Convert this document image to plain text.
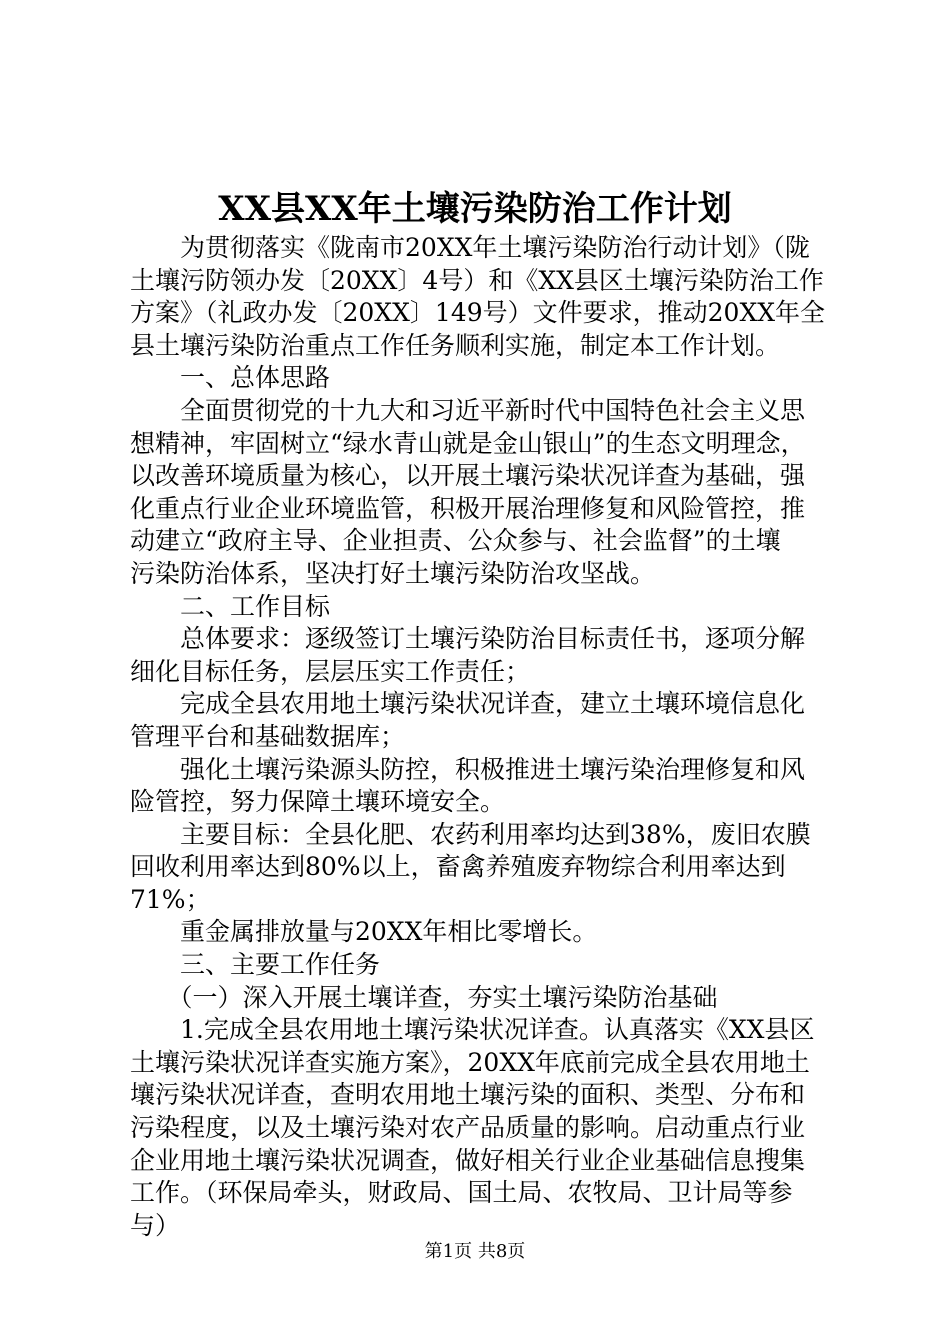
XX县XX年土壤污染防治工作计划
　　为贯彻落实《陇南市20XX年土壤污染防治行动计划》（陇
土壤污防领办发〔20XX〕4号）和《XX县区土壤污染防治工作
方案》（礼政办发〔20XX〕149号）文件要求，推动20XX年全
县土壤污染防治重点工作任务顺利实施，制定本工作计划。
　　一、总体思路
　　全面贯彻党的十九大和习近平新时代中国特色社会主义思
想精神，牢固树立“绿水青山就是金山银山”的生态文明理念，
以改善环境质量为核心，以开展土壤污染状况详查为基础，强
化重点行业企业环境监管，积极开展治理修复和风险管控，推
动建立“政府主导、企业担责、公众参与、社会监督”的土壤
污染防治体系，坚决打好土壤污染防治攻坚战。
　　二、工作目标
　　总体要求：逐级签订土壤污染防治目标责任书，逐项分解
细化目标任务，层层压实工作责任；
　　完成全县农用地土壤污染状况详查，建立土壤环境信息化
管理平台和基础数据库；
　　强化土壤污染源头防控，积极推进土壤污染治理修复和风
险管控，努力保障土壤环境安全。
　　主要目标：全县化肥、农药利用率均达到38%，废旧农膜
回收利用率达到80%以上，畜禽养殖废弃物综合利用率达到
71%；
　　重金属排放量与20XX年相比零增长。
　　三、主要工作任务
　　（一）深入开展土壤详查，夯实土壤污染防治基础
　　1.完成全县农用地土壤污染状况详查。认真落实《XX县区
土壤污染状况详查实施方案》，20XX年底前完成全县农用地土
壤污染状况详查，查明农用地土壤污染的面积、类型、分布和
污染程度，以及土壤污染对农产品质量的影响。启动重点行业
企业用地土壤污染状况调查，做好相关行业企业基础信息搜集
工作。（环保局牵头，财政局、国土局、农牧局、卫计局等参
与）
第1页 共8页
